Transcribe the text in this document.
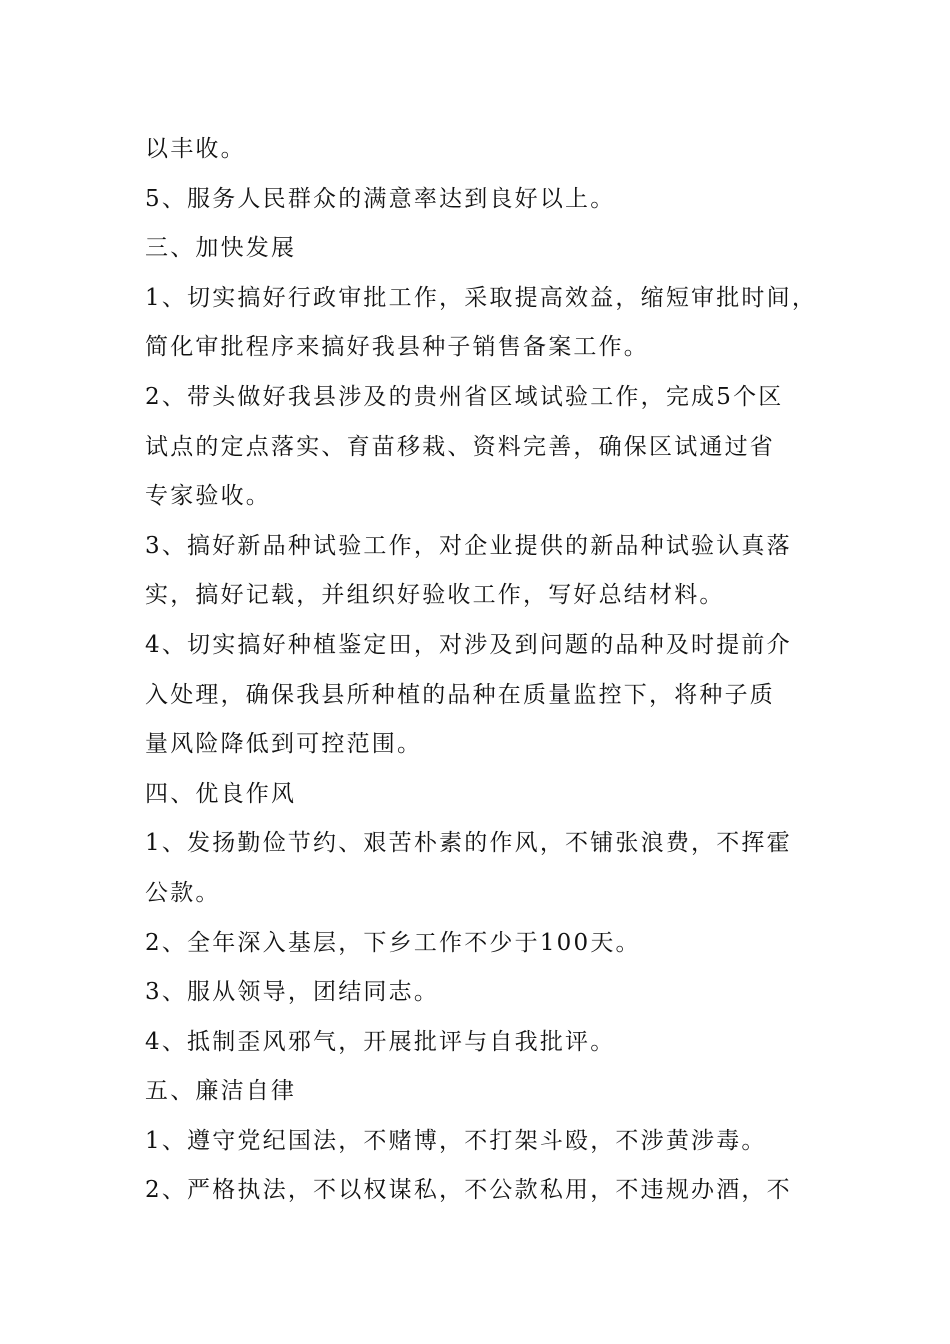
以丰收。
5、服务人民群众的满意率达到良好以上。
三、加快发展
1、切实搞好行政审批工作，采取提高效益，缩短审批时间，
简化审批程序来搞好我县种子销售备案工作。
2、带头做好我县涉及的贵州省区域试验工作，完成5个区
试点的定点落实、育苗移栽、资料完善，确保区试通过省
专家验收。
3、搞好新品种试验工作，对企业提供的新品种试验认真落
实，搞好记载，并组织好验收工作，写好总结材料。
4、切实搞好种植鉴定田，对涉及到问题的品种及时提前介
入处理，确保我县所种植的品种在质量监控下，将种子质
量风险降低到可控范围。
四、优良作风
1、发扬勤俭节约、艰苦朴素的作风，不铺张浪费，不挥霍
公款。
2、全年深入基层，下乡工作不少于100天。
3、服从领导，团结同志。
4、抵制歪风邪气，开展批评与自我批评。
五、廉洁自律
1、遵守党纪国法，不赌博，不打架斗殴，不涉黄涉毒。
2、严格执法，不以权谋私，不公款私用，不违规办酒，不
